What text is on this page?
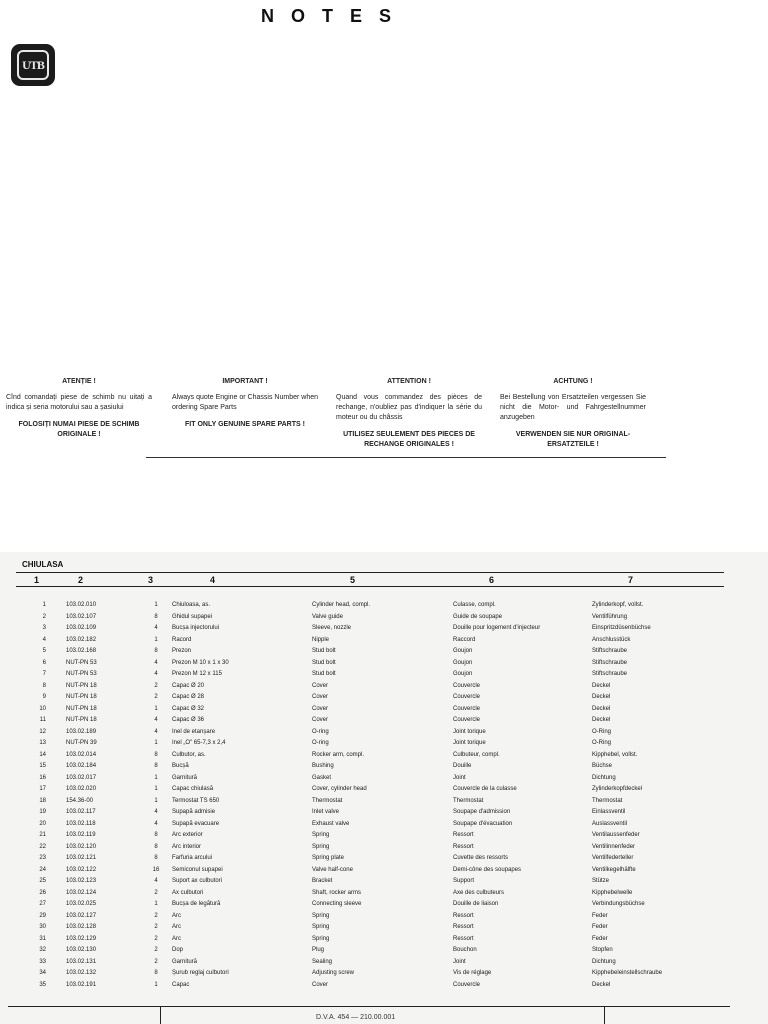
N O T E S
UTB
ATENȚIE !
Cînd comandați piese de schimb nu uitați a indica și seria motorului sau a șasiului
FOLOSIȚI NUMAI PIESE DE SCHIMB ORIGINALE !
IMPORTANT !
Always quote Engine or Chassis Number when ordering Spare Parts
FIT ONLY GENUINE SPARE PARTS !
ATTENTION !
Quand vous commandez des pièces de rechange, n'oubliez pas d'indiquer la série du moteur ou du châssis
UTILISEZ SEULEMENT DES PIECES DE RECHANGE ORIGINALES !
ACHTUNG !
Bei Bestellung von Ersatzteilen vergessen Sie nicht die Motor- und Fahrgestellnummer anzugeben
VERWENDEN SIE NUR ORIGINAL-ERSATZTEILE !
CHIULASA
1	2	3	4	5	6	7
1	103.02.010	1	Chiuloasa, as.	Cylinder head, compl.	Culasse, compl.	Zylinderkopf, vollst.
2	103.02.107	8	Ghidul supapei	Valve guide	Guide de soupape	Ventilführung
3	103.02.109	4	Bucșa injectorului	Sleeve, nozzle	Douille pour logement d'injecteur	Einspritzdüsenbüchse
4	103.02.182	1	Racord	Nipple	Raccord	Anschlusstück
5	103.02.168	8	Prezon	Stud bolt	Goujon	Stiftschraube
6	NUT-PN 53	4	Prezon M 10 x 1 x 30	Stud bolt	Goujon	Stiftschraube
7	NUT-PN 53	4	Prezon M 12 x 115	Stud bolt	Goujon	Stiftschraube
8	NUT-PN 18	2	Capac Ø 20	Cover	Couvercle	Deckel
9	NUT-PN 18	2	Capac Ø 28	Cover	Couvercle	Deckel
10	NUT-PN 18	1	Capac Ø 32	Cover	Couvercle	Deckel
11	NUT-PN 18	4	Capac Ø 36	Cover	Couvercle	Deckel
12	103.02.189	4	Inel de etanșare	O-ring	Joint torique	O-Ring
13	NUT-PN 39	1	Inel „O" 65-7,3 x 2,4	O-ring	Joint torique	O-Ring
14	103.02.014	8	Culbutor, as.	Rocker arm, compl.	Culbuteur, compl.	Kipphebel, vollst.
15	103.02.184	8	Bucșă	Bushing	Douille	Büchse
16	103.02.017	1	Garnitură	Gasket	Joint	Dichtung
17	103.02.020	1	Capac chiulasă	Cover, cylinder head	Couvercle de la culasse	Zylinderkopfdeckel
18	154.36-00	1	Termostat TS 650	Thermostat	Thermostat	Thermostat
19	103.02.117	4	Supapă admisie	Inlet valve	Soupape d'admission	Einlassventil
20	103.02.118	4	Supapă evacuare	Exhaust valve	Soupape d'évacuation	Auslassventil
21	103.02.119	8	Arc exterior	Spring	Ressort	Ventilaussenfeder
22	103.02.120	8	Arc interior	Spring	Ressort	Ventilinnenfeder
23	103.02.121	8	Farfuria arcului	Spring plate	Cuvette des ressorts	Ventilfederteller
24	103.02.122	16	Semiconul supapei	Valve half-cone	Demi-cône des soupapes	Ventilkegelhälfte
25	103.02.123	4	Suport ax culbutori	Bracket	Support	Stütze
26	103.02.124	2	Ax culbutori	Shaft, rocker arms	Axe des culbuteurs	Kipphebelwelle
27	103.02.025	1	Bucșa de legătură	Connecting sleeve	Douille de liaison	Verbindungsbüchse
29	103.02.127	2	Arc	Spring	Ressort	Feder
30	103.02.128	2	Arc	Spring	Ressort	Feder
31	103.02.129	2	Arc	Spring	Ressort	Feder
32	103.02.130	2	Dop	Plug	Bouchon	Stopfen
33	103.02.131	2	Garnitură	Sealing	Joint	Dichtung
34	103.02.132	8	Șurub reglaj culbutori	Adjusting screw	Vis de réglage	Kipphebeleinstellschraube
35	103.02.191	1	Capac	Cover	Couvercle	Deckel
D.V.A. 454 — 210.00.001
